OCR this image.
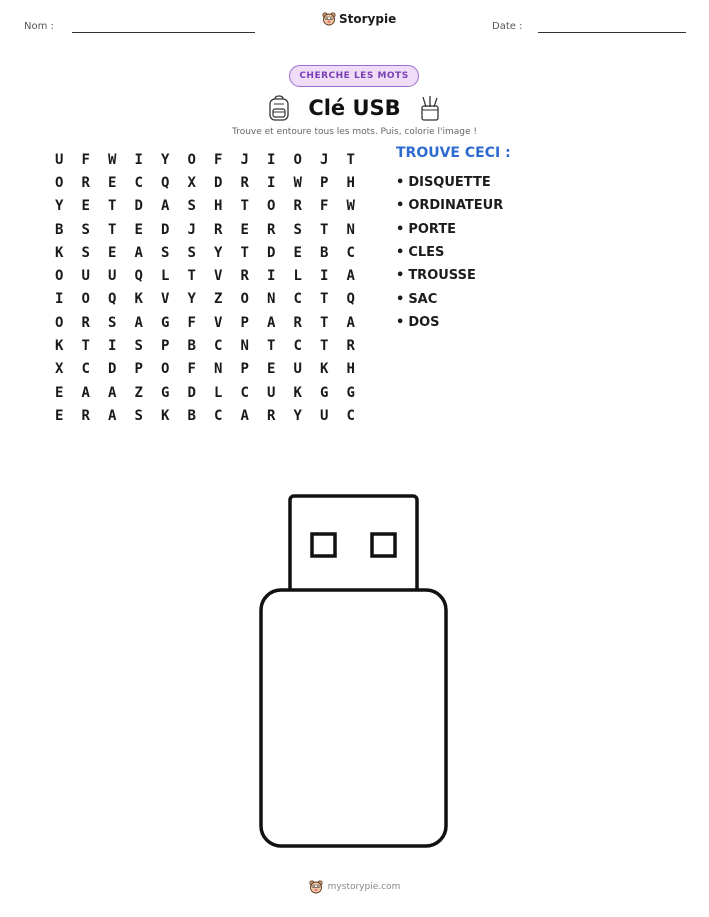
Nom :
Storypie
Date :
CHERCHE LES MOTS
Clé USB
Trouve et entoure tous les mots. Puis, colorie l'image !
U	F	W	I	Y	O	F	J	I	O	J	T
O	R	E	C	Q	X	D	R	I	W	P	H
Y	E	T	D	A	S	H	T	O	R	F	W
B	S	T	E	D	J	R	E	R	S	T	N
K	S	E	A	S	S	Y	T	D	E	B	C
O	U	U	Q	L	T	V	R	I	L	I	A
I	O	Q	K	V	Y	Z	O	N	C	T	Q
O	R	S	A	G	F	V	P	A	R	T	A
K	T	I	S	P	B	C	N	T	C	T	R
X	C	D	P	O	F	N	P	E	U	K	H
E	A	A	Z	G	D	L	C	U	K	G	G
E	R	A	S	K	B	C	A	R	Y	U	C
TROUVE CECI :
• DISQUETTE
• ORDINATEUR
• PORTE
• CLES
• TROUSSE
• SAC
• DOS
mystorypie.com
